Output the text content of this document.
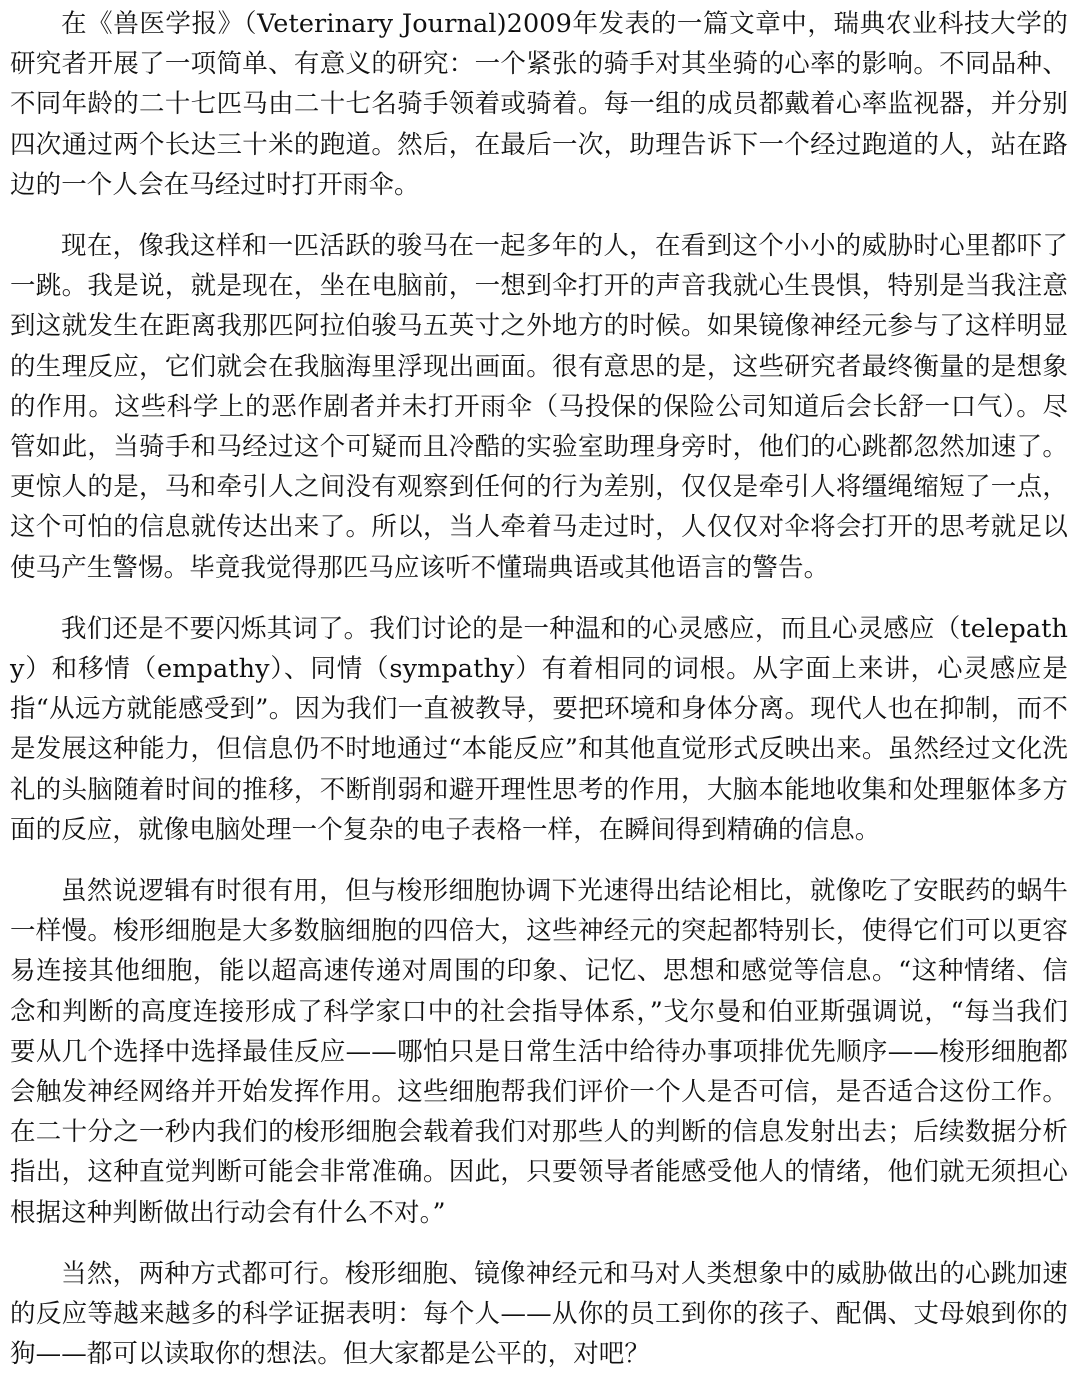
在《兽医学报》（Veterinary Journal)2009年发表的一篇文章中，瑞典农业科技大学的研究者开展了一项简单、有意义的研究：一个紧张的骑手对其坐骑的心率的影响。不同品种、不同年龄的二十七匹马由二十七名骑手领着或骑着。每一组的成员都戴着心率监视器，并分别四次通过两个长达三十米的跑道。然后，在最后一次，助理告诉下一个经过跑道的人，站在路边的一个人会在马经过时打开雨伞。

现在，像我这样和一匹活跃的骏马在一起多年的人，在看到这个小小的威胁时心里都吓了一跳。我是说，就是现在，坐在电脑前，一想到伞打开的声音我就心生畏惧，特别是当我注意到这就发生在距离我那匹阿拉伯骏马五英寸之外地方的时候。如果镜像神经元参与了这样明显的生理反应，它们就会在我脑海里浮现出画面。很有意思的是，这些研究者最终衡量的是想象的作用。这些科学上的恶作剧者并未打开雨伞（马投保的保险公司知道后会长舒一口气）。尽管如此，当骑手和马经过这个可疑而且冷酷的实验室助理身旁时，他们的心跳都忽然加速了。更惊人的是，马和牵引人之间没有观察到任何的行为差别，仅仅是牵引人将缰绳缩短了一点，这个可怕的信息就传达出来了。所以，当人牵着马走过时，人仅仅对伞将会打开的思考就足以使马产生警惕。毕竟我觉得那匹马应该听不懂瑞典语或其他语言的警告。

我们还是不要闪烁其词了。我们讨论的是一种温和的心灵感应，而且心灵感应（telepathy）和移情（empathy）、同情（sympathy）有着相同的词根。从字面上来讲，心灵感应是指“从远方就能感受到”。因为我们一直被教导，要把环境和身体分离。现代人也在抑制，而不是发展这种能力，但信息仍不时地通过“本能反应”和其他直觉形式反映出来。虽然经过文化洗礼的头脑随着时间的推移，不断削弱和避开理性思考的作用，大脑本能地收集和处理躯体多方面的反应，就像电脑处理一个复杂的电子表格一样，在瞬间得到精确的信息。

虽然说逻辑有时很有用，但与梭形细胞协调下光速得出结论相比，就像吃了安眠药的蜗牛一样慢。梭形细胞是大多数脑细胞的四倍大，这些神经元的突起都特别长，使得它们可以更容易连接其他细胞，能以超高速传递对周围的印象、记忆、思想和感觉等信息。“这种情绪、信念和判断的高度连接形成了科学家口中的社会指导体系，”戈尔曼和伯亚斯强调说，“每当我们要从几个选择中选择最佳反应——哪怕只是日常生活中给待办事项排优先顺序——梭形细胞都会触发神经网络并开始发挥作用。这些细胞帮我们评价一个人是否可信，是否适合这份工作。在二十分之一秒内我们的梭形细胞会载着我们对那些人的判断的信息发射出去；后续数据分析指出，这种直觉判断可能会非常准确。因此，只要领导者能感受他人的情绪，他们就无须担心根据这种判断做出行动会有什么不对。”

当然，两种方式都可行。梭形细胞、镜像神经元和马对人类想象中的威胁做出的心跳加速的反应等越来越多的科学证据表明：每个人——从你的员工到你的孩子、配偶、丈母娘到你的狗——都可以读取你的想法。但大家都是公平的，对吧？
